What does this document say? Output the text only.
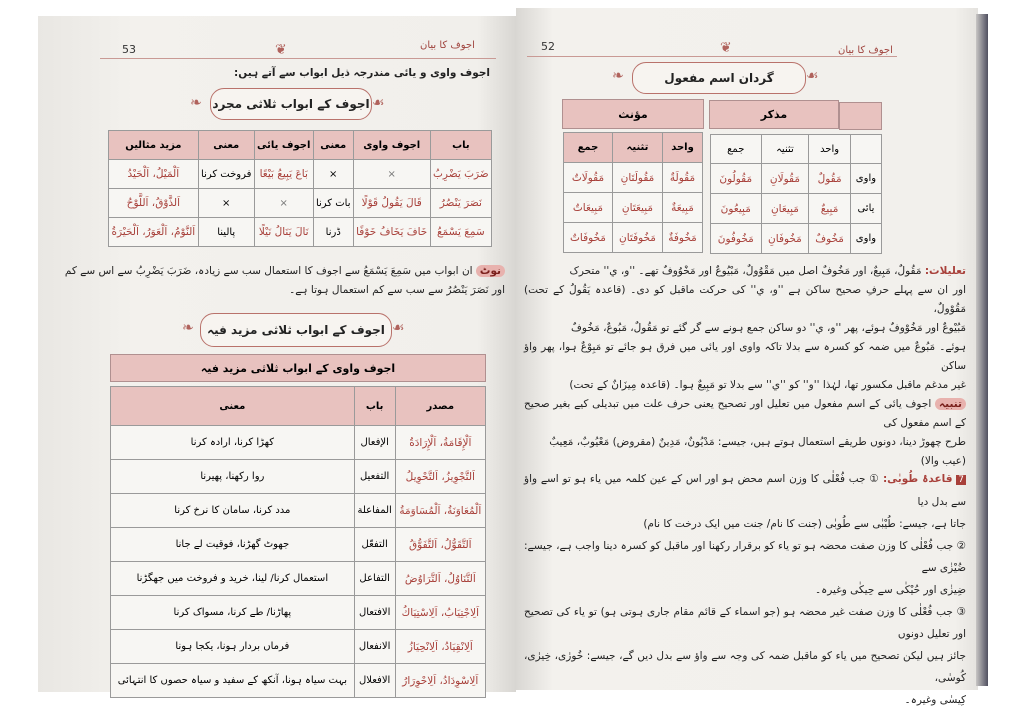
53	اجوف کا بیان
❦
اجوف واوی و یائی مندرجہ ذیل ابواب سے آتے ہیں:
❧ اجوف کے ابواب ثلاثی مجرد ☙
باب	اجوف واوی	معنی	اجوف یائی	معنی	مزید مثالیں
ضَرَبَ يَضْرِبُ	×	×	بَاعَ يَبِيعُ بَيْعًا	فروخت کرنا	اَلْمَيْلُ، اَلْحَيْدُ
نَصَرَ يَنْصُرُ	قَالَ يَقُولُ قَوْلًا	بات کرنا	×	×	اَلذَّوْقُ، اَللَّوْحُ
سَمِعَ يَسْمَعُ	خَافَ يَخَافُ خَوْفًا	ڈرنا	نَالَ يَنَالُ نَيْلًا	پالینا	اَلنَّوْمُ، اَلْعَوَرُ، اَلْحَيْرَةُ
نوٹ ان ابواب میں سَمِعَ يَسْمَعُ سے اجوف کا استعمال سب سے زیادہ، ضَرَبَ يَضْرِبُ سے اس سے کم
اور نَصَرَ يَنْصُرُ سے سب سے کم استعمال ہوتا ہے۔
❧	اجوف کے ابواب ثلاثی مزید فیہ ☙
اجوف واوی کے ابواب ثلاثی مزید فیہ
مصدر	باب	معنی
اَلْإِقَامَةُ، اَلْإِرَادَةُ	الإفعال	کھڑا کرنا، ارادہ کرنا
اَلتَّجْوِيزُ، اَلتَّحْوِيلُ	التفعیل	روا رکھنا، پھیرنا
اَلْمُعَاوَنَةُ، اَلْمُسَاوَمَةُ	المفاعلة	مدد کرنا، سامان کا نرخ کرنا
اَلتَّقَوُّلُ، اَلتَّفَوُّقُ	التفعّل	جھوٹ گھڑنا، فوقیت لے جانا
اَلتَّنَاوُلُ، اَلتَّرَاوُضُ	التفاعل	استعمال کرنا/ لینا، خرید و فروخت میں جھگڑنا
اَلِاجْتِيَابُ، اَلِاسْتِيَاكُ	الافتعال	پھاڑنا/ طے کرنا، مسواک کرنا
اَلِانْقِيَادُ، اَلِانْحِيَازُ	الانفعال	فرماں بردار ہونا، یکجا ہونا
اَلِاسْوِدَادُ، اَلِاحْوِرَارُ	الافعلال	بہت سیاہ ہونا، آنکھ کے سفید و سیاہ حصوں کا انتہائی
52	اجوف کا بیان
❦
❧	گردان اسم مفعول	☙
مذکر
مؤنث
	واحد	تثنیہ	جمع
واوی	مَقُولٌ	مَقُولَانِ	مَقُولُونَ
یائی	مَبِيعٌ	مَبِيعَانِ	مَبِيعُونَ
واوی	مَخُوفٌ	مَخُوفَانِ	مَخُوفُونَ
واحد	تثنیہ	جمع
مَقُولَةٌ	مَقُولَتَانِ	مَقُولَاتٌ
مَبِيعَةٌ	مَبِيعَتَانِ	مَبِيعَاتٌ
مَخُوفَةٌ	مَخُوفَتَانِ	مَخُوفَاتٌ
تعلیلات: مَقُولٌ، مَبِيعٌ، اور مَخُوفٌ اصل میں مَقْوُولٌ، مَبْيُوعٌ اور مَخْوُوفٌ تھے۔ ''و، ي'' متحرک
اور ان سے پہلے حرفِ صحیح ساکن ہے ''و، ي'' کی حرکت ماقبل کو دی۔ (قاعدہ يَقُولُ کے تحت) مَقُوْولٌ،
مَبُيْوعٌ اور مَخُوْوفٌ ہوئے، پھر ''و، ي'' دو ساکن جمع ہونے سے گر گئے تو مَقُولٌ، مَبُوعٌ، مَخُوفٌ
ہوئے۔ مَبُوعٌ میں ضمہ کو کسرہ سے بدلا تاکہ واوی اور یائی میں فرق ہو جائے تو مَبِوْعٌ ہوا، پھر واؤ ساکن
غیر مدغم ماقبل مکسور تھا، لہٰذا ''و'' کو ''ي'' سے بدلا تو مَبِيعٌ ہوا۔ (قاعدہ مِيزَانٌ کے تحت)
تنبیہ اجوف یائی کے اسم مفعول میں تعلیل اور تصحیح یعنی حرف علت میں تبدیلی کیے بغیر صحیح کے اسم مفعول کی
طرح چھوڑ دینا، دونوں طریقے استعمال ہوتے ہیں، جیسے: مَدْيُونٌ، مَدِينٌ (مقروض) مَعْيُوبٌ، مَعِيبٌ
(عیب والا)
7 قاعدۂ طُوبٰی: ① جب فُعْلٰی کا وزن اسم محض ہو اور اس کے عین کلمہ میں یاء ہو تو اسے واؤ سے بدل دیا
جاتا ہے، جیسے: طُيْبٰى سے طُوبٰى (جنت کا نام/ جنت میں ایک درخت کا نام)
② جب فُعْلٰی کا وزن صفت محضہ ہو تو یاء کو برقرار رکھنا اور ماقبل کو کسرہ دینا واجب ہے، جیسے: ضُيْزٰى سے
ضِيزٰى اور حُيْكٰى سے حِيكٰى وغیرہ۔
③ جب فُعْلٰی کا وزن صفت غیر محضہ ہو (جو اسماء کے قائم مقام جاری ہوتی ہو) تو یاء کی تصحیح اور تعلیل دونوں
جائز ہیں لیکن تصحیح میں یاء کو ماقبل ضمہ کی وجہ سے واؤ سے بدل دیں گے، جیسے: خُورٰى، خِيرٰى، كُوسٰى،
كِيسٰى وغیرہ۔
